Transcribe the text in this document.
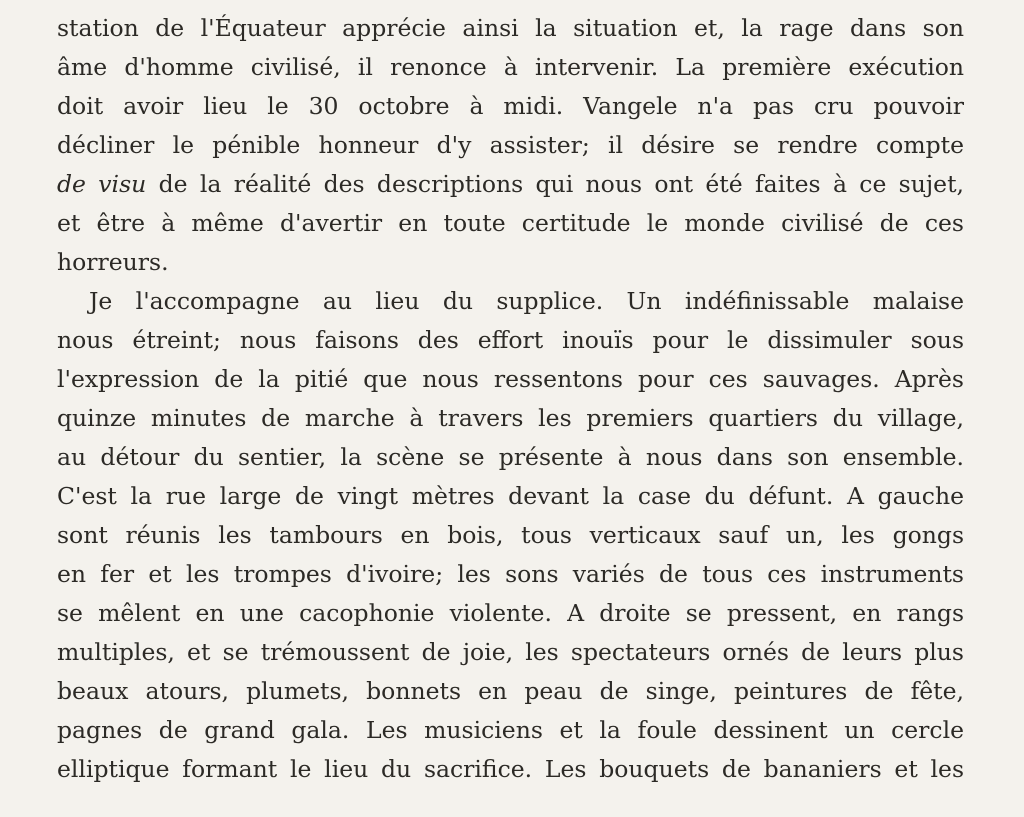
station de l'Équateur apprécie ainsi la situation et, la rage dans son
âme d'homme civilisé, il renonce à intervenir. La première exécution
doit avoir lieu le 30 octobre à midi. Vangele n'a pas cru pouvoir
décliner le pénible honneur d'y assister; il désire se rendre compte
de visu de la réalité des descriptions qui nous ont été faites à ce sujet,
et être à même d'avertir en toute certitude le monde civilisé de ces
horreurs.
Je l'accompagne au lieu du supplice. Un indéfinissable malaise
nous étreint; nous faisons des effort inouïs pour le dissimuler sous
l'expression de la pitié que nous ressentons pour ces sauvages. Après
quinze minutes de marche à travers les premiers quartiers du village,
au détour du sentier, la scène se présente à nous dans son ensemble.
C'est la rue large de vingt mètres devant la case du défunt. A gauche
sont réunis les tambours en bois, tous verticaux sauf un, les gongs
en fer et les trompes d'ivoire; les sons variés de tous ces instruments
se mêlent en une cacophonie violente. A droite se pressent, en rangs
multiples, et se trémoussent de joie, les spectateurs ornés de leurs plus
beaux atours, plumets, bonnets en peau de singe, peintures de fête,
pagnes de grand gala. Les musiciens et la foule dessinent un cercle
elliptique formant le lieu du sacrifice. Les bouquets de bananiers et les
